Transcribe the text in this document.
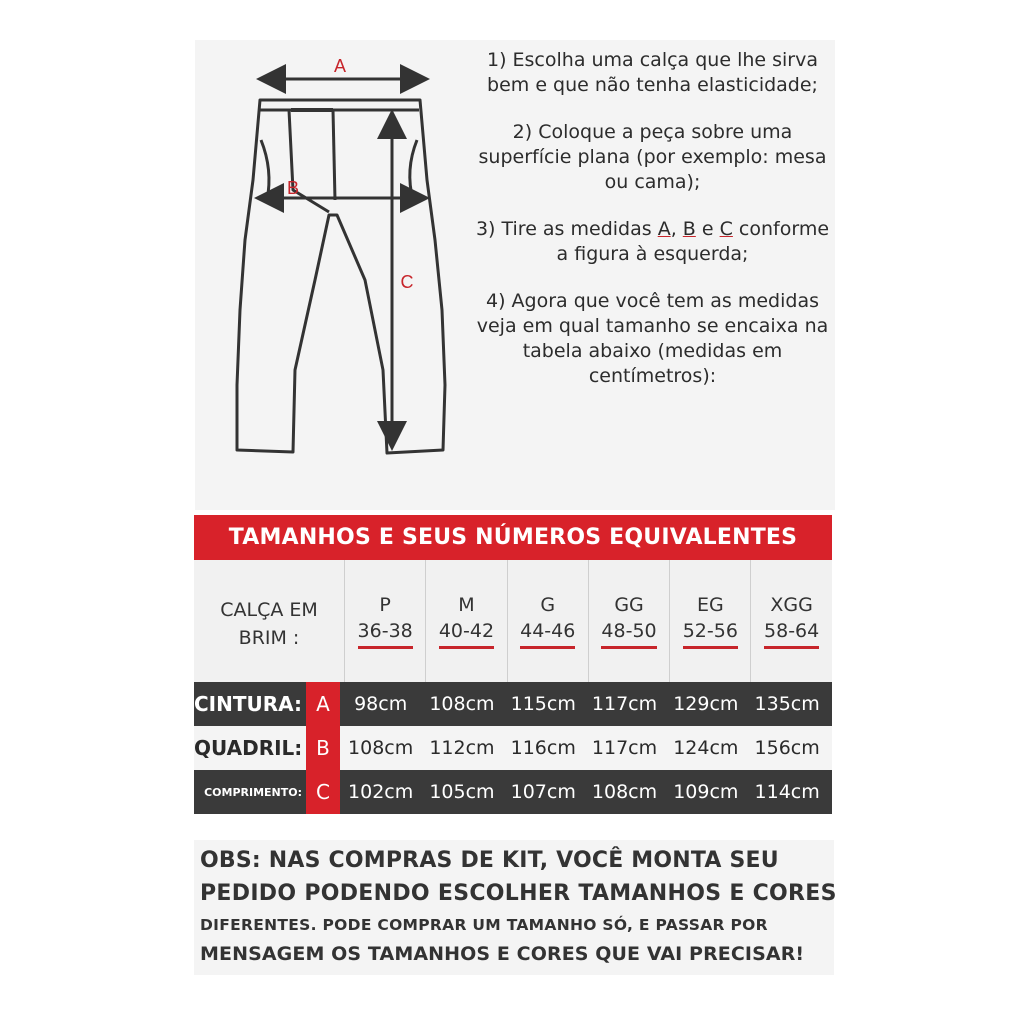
A
B
C

1) Escolha uma calça que lhe sirva bem e que não tenha elasticidade;

2) Coloque a peça sobre uma superfície plana (por exemplo: mesa ou cama);

3) Tire as medidas A, B e C conforme a figura à esquerda;

4) Agora que você tem as medidas veja em qual tamanho se encaixa na tabela abaixo (medidas em centímetros):

TAMANHOS E SEUS NÚMEROS EQUIVALENTES
CALÇA EM
BRIM :
P
36-38
M
40-42
G
44-46
GG
48-50
EG
52-56
XGG
58-64
CINTURA: A	98cm	108cm 115cm 117cm 129cm 135cm
QUADRIL: B 108cm 112cm 116cm 117cm 124cm 156cm
COMPRIMENTO: C 102cm 105cm 107cm 108cm 109cm 114cm
OBS: NAS COMPRAS DE KIT, VOCÊ MONTA SEU
PEDIDO PODENDO ESCOLHER TAMANHOS E CORES
DIFERENTES. PODE COMPRAR UM TAMANHO SÓ, E PASSAR POR
MENSAGEM OS TAMANHOS E CORES QUE VAI PRECISAR!
